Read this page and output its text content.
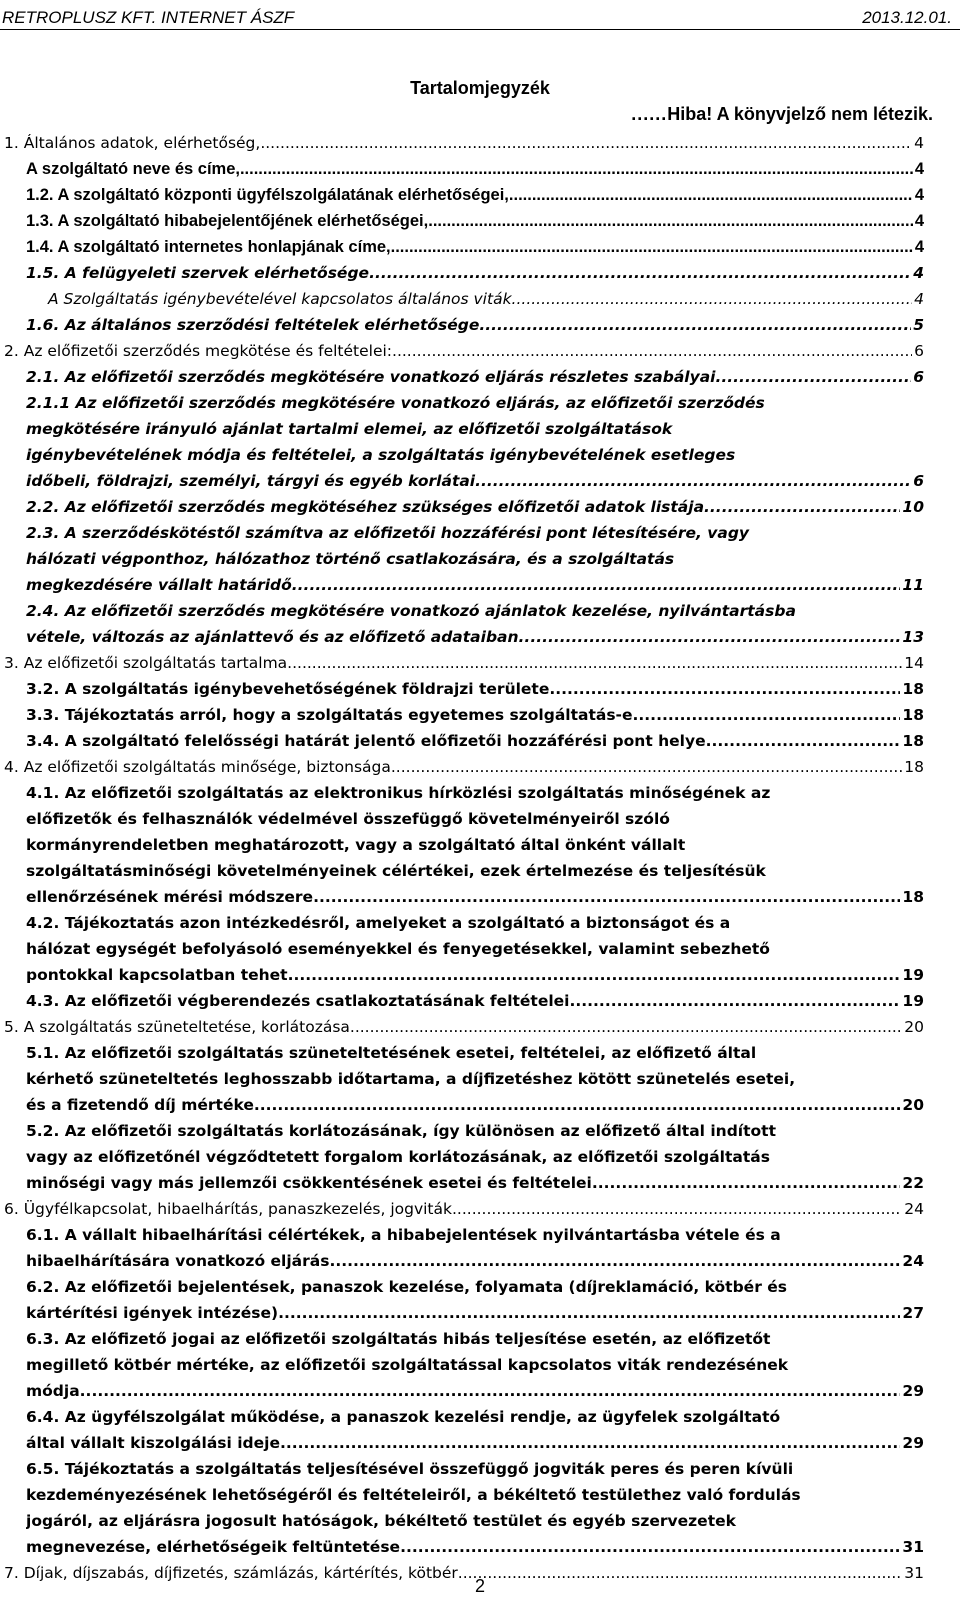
RETROPLUSZ KFT. INTERNET ÁSZF	2013.12.01.
Tartalomjegyzék
......Hiba! A könyvjelző nem létezik.
1. Általános adatok, elérhetőség, .....	4
A szolgáltató neve és címe, .....	4
1.2. A szolgáltató központi ügyfélszolgálatának elérhetőségei, .....	4
1.3. A szolgáltató hibabejelentőjének elérhetőségei, .....	4
1.4. A szolgáltató internetes honlapjának címe, .....	4
1.5. A felügyeleti szervek elérhetősége .....	4
A Szolgáltatás igénybevételével kapcsolatos általános viták .....	4
1.6. Az általános szerződési feltételek elérhetősége .....	5
2. Az előfizetői szerződés megkötése és feltételei: .....	6
2.1. Az előfizetői szerződés megkötésére vonatkozó eljárás részletes szabályai .....	6
2.1.1 Az előfizetői szerződés megkötésére vonatkozó eljárás, az előfizetői szerződés
megkötésére irányuló ajánlat tartalmi elemei, az előfizetői szolgáltatások
igénybevételének módja és feltételei, a szolgáltatás igénybevételének esetleges
időbeli, földrajzi, személyi, tárgyi és egyéb korlátai .....	6
2.2. Az előfizetői szerződés megkötéséhez szükséges előfizetői adatok listája .....	10
2.3. A szerződéskötéstől számítva az előfizetői hozzáférési pont létesítésére, vagy
hálózati végponthoz, hálózathoz történő csatlakozására, és a szolgáltatás
megkezdésére vállalt határidő .....	11
2.4. Az előfizetői szerződés megkötésére vonatkozó ajánlatok kezelése, nyilvántartásba
vétele, változás az ajánlattevő és az előfizető adataiban .....	13
3. Az előfizetői szolgáltatás tartalma .....	14
3.2. A szolgáltatás igénybevehetőségének földrajzi területe .....	18
3.3. Tájékoztatás arról, hogy a szolgáltatás egyetemes szolgáltatás-e .....	18
3.4. A szolgáltató felelősségi határát jelentő előfizetői hozzáférési pont helye .....	18
4. Az előfizetői szolgáltatás minősége, biztonsága .....	18
4.1. Az előfizetői szolgáltatás az elektronikus hírközlési szolgáltatás minőségének az
előfizetők és felhasználók védelmével összefüggő követelményeiről szóló
kormányrendeletben meghatározott, vagy a szolgáltató által önként vállalt
szolgáltatásminőségi követelményeinek célértékei, ezek értelmezése és teljesítésük
ellenőrzésének mérési módszere .....	18
4.2. Tájékoztatás azon intézkedésről, amelyeket a szolgáltató a biztonságot és a
hálózat egységét befolyásoló eseményekkel és fenyegetésekkel, valamint sebezhető
pontokkal kapcsolatban tehet .....	19
4.3. Az előfizetői végberendezés csatlakoztatásának feltételei .....	19
5. A szolgáltatás szüneteltetése, korlátozása .....	20
5.1. Az előfizetői szolgáltatás szüneteltetésének esetei, feltételei, az előfizető által
kérhető szüneteltetés leghosszabb időtartama, a díjfizetéshez kötött szünetelés esetei,
és a fizetendő díj mértéke .....	20
5.2. Az előfizetői szolgáltatás korlátozásának, így különösen az előfizető által indított
vagy az előfizetőnél végződtetett forgalom korlátozásának, az előfizetői szolgáltatás
minőségi vagy más jellemzői csökkentésének esetei és feltételei .....	22
6. Ügyfélkapcsolat, hibaelhárítás, panaszkezelés, jogviták .....	24
6.1. A vállalt hibaelhárítási célértékek, a hibabejelentések nyilvántartásba vétele és a
hibaelhárítására vonatkozó eljárás .....	24
6.2. Az előfizetői bejelentések, panaszok kezelése, folyamata (díjreklamáció, kötbér és
kártérítési igények intézése) .....	27
6.3. Az előfizető jogai az előfizetői szolgáltatás hibás teljesítése esetén, az előfizetőt
megillető kötbér mértéke, az előfizetői szolgáltatással kapcsolatos viták rendezésének
módja .....	29
6.4. Az ügyfélszolgálat működése, a panaszok kezelési rendje, az ügyfelek szolgáltató
által vállalt kiszolgálási ideje .....	29
6.5. Tájékoztatás a szolgáltatás teljesítésével összefüggő jogviták peres és peren kívüli
kezdeményezésének lehetőségéről és feltételeiről, a békéltető testülethez való fordulás
jogáról, az eljárásra jogosult hatóságok, békéltető testület és egyéb szervezetek
megnevezése, elérhetőségeik feltüntetése .....	31
7. Díjak, díjszabás, díjfizetés, számlázás, kártérítés, kötbér .....	31
2
